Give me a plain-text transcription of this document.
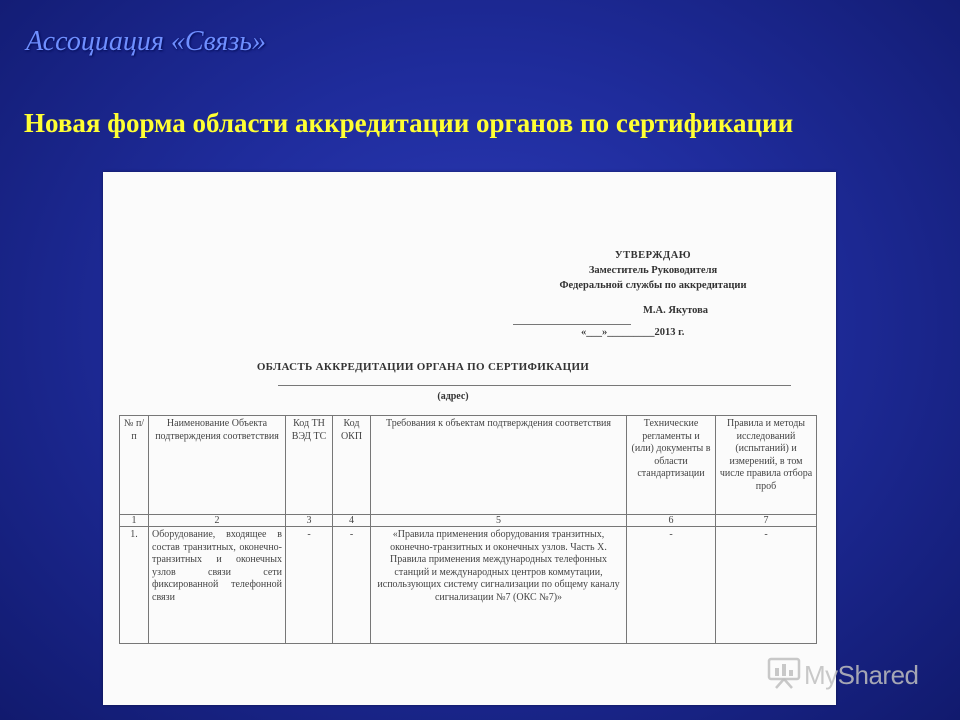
Ассоциация «Связь»
Новая форма области аккредитации органов по сертификации
УТВЕРЖДАЮ
Заместитель Руководителя
Федеральной службы по аккредитации
М.А. Якутова
«___»_________2013 г.
ОБЛАСТЬ АККРЕДИТАЦИИ ОРГАНА ПО СЕРТИФИКАЦИИ
(адрес)
№ п/п	Наименование Объекта подтверждения соответствия	Код ТН ВЭД ТС	Код ОКП	Требования к объектам подтверждения соответствия	Технические регламенты и (или) документы в области стандартизации	Правила и методы исследований (испытаний) и измерений, в том числе правила отбора проб
1	2	3	4	5	6	7
1.	Оборудование, входящее в состав транзитных, оконечно-транзитных и оконечных узлов связи сети фиксированной телефонной связи	-	-	«Правила применения оборудования транзитных, оконечно-транзитных и оконечных узлов. Часть X. Правила применения международных телефонных станций и международных центров коммутации, использующих систему сигнализации по общему каналу сигнализации №7 (ОКС №7)»	-	-
MyShared
